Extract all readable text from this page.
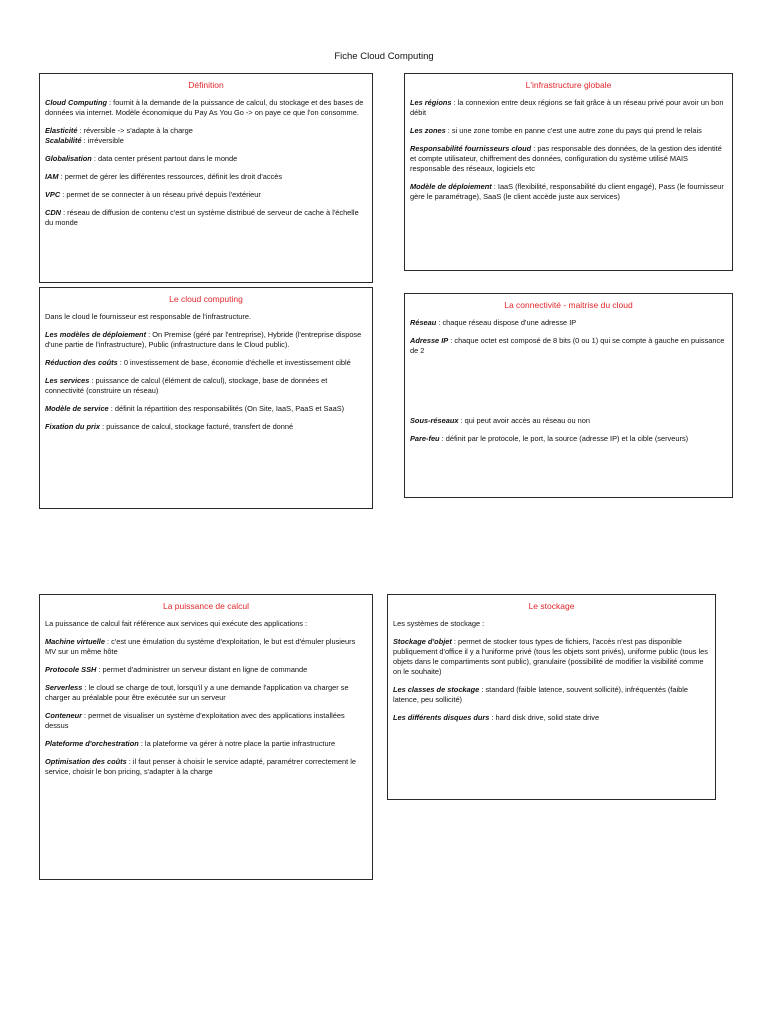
Fiche Cloud Computing
Définition

Cloud Computing : fournit à la demande de la puissance de calcul, du stockage et des bases de données via internet. Modèle économique du Pay As You Go -> on paye ce que l'on consomme.

Elasticité : réversible -> s'adapte à la charge

Scalabilité : irréversible

Globalisation : data center présent partout dans le monde

IAM : permet de gérer les différentes ressources, définit les droit d'accès

VPC : permet de se connecter à un réseau privé depuis l'extérieur

CDN : réseau de diffusion de contenu c'est un système distribué de serveur de cache à l'échelle du monde

L'infrastructure globale

Les régions : la connexion entre deux régions se fait grâce à un réseau privé pour avoir un bon débit

Les zones : si une zone tombe en panne c'est une autre zone du pays qui prend le relais

Responsabilité fournisseurs cloud : pas responsable des données, de la gestion des identité et compte utilisateur, chiffrement des données, configuration du système utilisé MAIS responsable des réseaux, logiciels etc

Modèle de déploiement : IaaS (flexibilité, responsabilité du client engagé), Pass (le fournisseur gère le paramétrage), SaaS (le client accède juste aux services)

Le cloud computing

Dans le cloud le fournisseur est responsable de l'infrastructure.

Les modèles de déploiement : On Premise (géré par l'entreprise), Hybride (l'entreprise dispose d'une partie de l'infrastructure), Public (infrastructure dans le Cloud public).

Réduction des coûts : 0 investissement de base, économie d'échelle et investissement ciblé

Les services : puissance de calcul (élément de calcul), stockage, base de données et connectivité (construire un réseau)

Modèle de service : définit la répartition des responsabilités (On Site, IaaS, PaaS et SaaS)

Fixation du prix : puissance de calcul, stockage facturé, transfert de donné

La connectivité - maitrise du cloud

Réseau : chaque réseau dispose d'une adresse IP

Adresse IP : chaque octet est composé de 8 bits (0 ou 1) qui se compte à gauche en puissance de 2

Sous-réseaux : qui peut avoir accès au réseau ou non

Pare-feu : définit par le protocole, le port, la source (adresse IP) et la cible (serveurs)

La puissance de calcul

La puissance de calcul fait référence aux services qui exécute des applications :

Machine virtuelle : c'est une émulation du système d'exploitation, le but est d'émuler plusieurs MV sur un même hôte

Protocole SSH : permet d'administrer un serveur distant en ligne de commande

Serverless : le cloud se charge de tout, lorsqu'il y a une demande l'application va charger se charger au préalable pour être exécutée sur un serveur

Conteneur : permet de visualiser un système d'exploitation avec des applications installées dessus

Plateforme d'orchestration : la plateforme va gérer à notre place la partie infrastructure

Optimisation des coûts : il faut penser à choisir le service adapté, paramétrer correctement le service, choisir le bon pricing, s'adapter à la charge

Le stockage

Les systèmes de stockage :

Stockage d'objet : permet de stocker tous types de fichiers, l'accès n'est pas disponible publiquement d'office il y a l'uniforme privé (tous les objets sont privés), uniforme public (tous les objets dans le compartiments sont public), granulaire (possibilité de modifier la visibilité comme on le souhaite)

Les classes de stockage : standard (faible latence, souvent sollicité), infréquentés (faible latence, peu sollicité)

Les différents disques durs : hard disk drive, solid state drive
